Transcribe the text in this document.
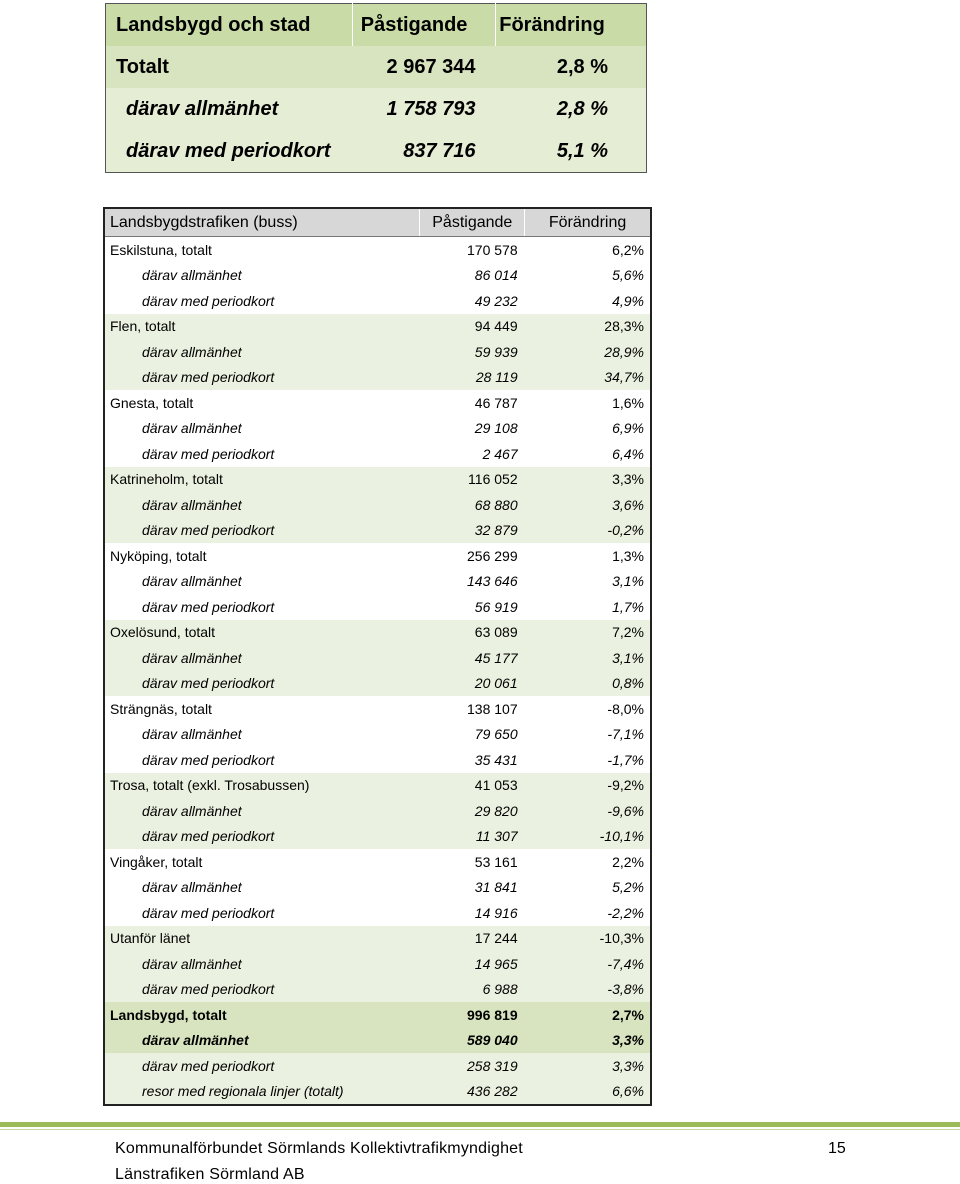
Landsbygd och stad	Påstigande	Förändring
Totalt	2 967 344	2,8 %
därav allmänhet	1 758 793	2,8 %
därav med periodkort	837 716	5,1 %
Landsbygdstrafiken (buss)	Påstigande	Förändring
Eskilstuna, totalt	170 578	6,2%
därav allmänhet	86 014	5,6%
därav med periodkort	49 232	4,9%
Flen, totalt	94 449	28,3%
därav allmänhet	59 939	28,9%
därav med periodkort	28 119	34,7%
Gnesta, totalt	46 787	1,6%
därav allmänhet	29 108	6,9%
därav med periodkort	2 467	6,4%
Katrineholm, totalt	116 052	3,3%
därav allmänhet	68 880	3,6%
därav med periodkort	32 879	-0,2%
Nyköping, totalt	256 299	1,3%
därav allmänhet	143 646	3,1%
därav med periodkort	56 919	1,7%
Oxelösund, totalt	63 089	7,2%
därav allmänhet	45 177	3,1%
därav med periodkort	20 061	0,8%
Strängnäs, totalt	138 107	-8,0%
därav allmänhet	79 650	-7,1%
därav med periodkort	35 431	-1,7%
Trosa, totalt (exkl. Trosabussen)	41 053	-9,2%
därav allmänhet	29 820	-9,6%
därav med periodkort	11 307	-10,1%
Vingåker, totalt	53 161	2,2%
därav allmänhet	31 841	5,2%
därav med periodkort	14 916	-2,2%
Utanför länet	17 244	-10,3%
därav allmänhet	14 965	-7,4%
därav med periodkort	6 988	-3,8%
Landsbygd, totalt	996 819	2,7%
därav allmänhet	589 040	3,3%
därav med periodkort	258 319	3,3%
resor med regionala linjer (totalt)	436 282	6,6%
Kommunalförbundet Sörmlands Kollektivtrafikmyndighet
Länstrafiken Sörmland AB
15
